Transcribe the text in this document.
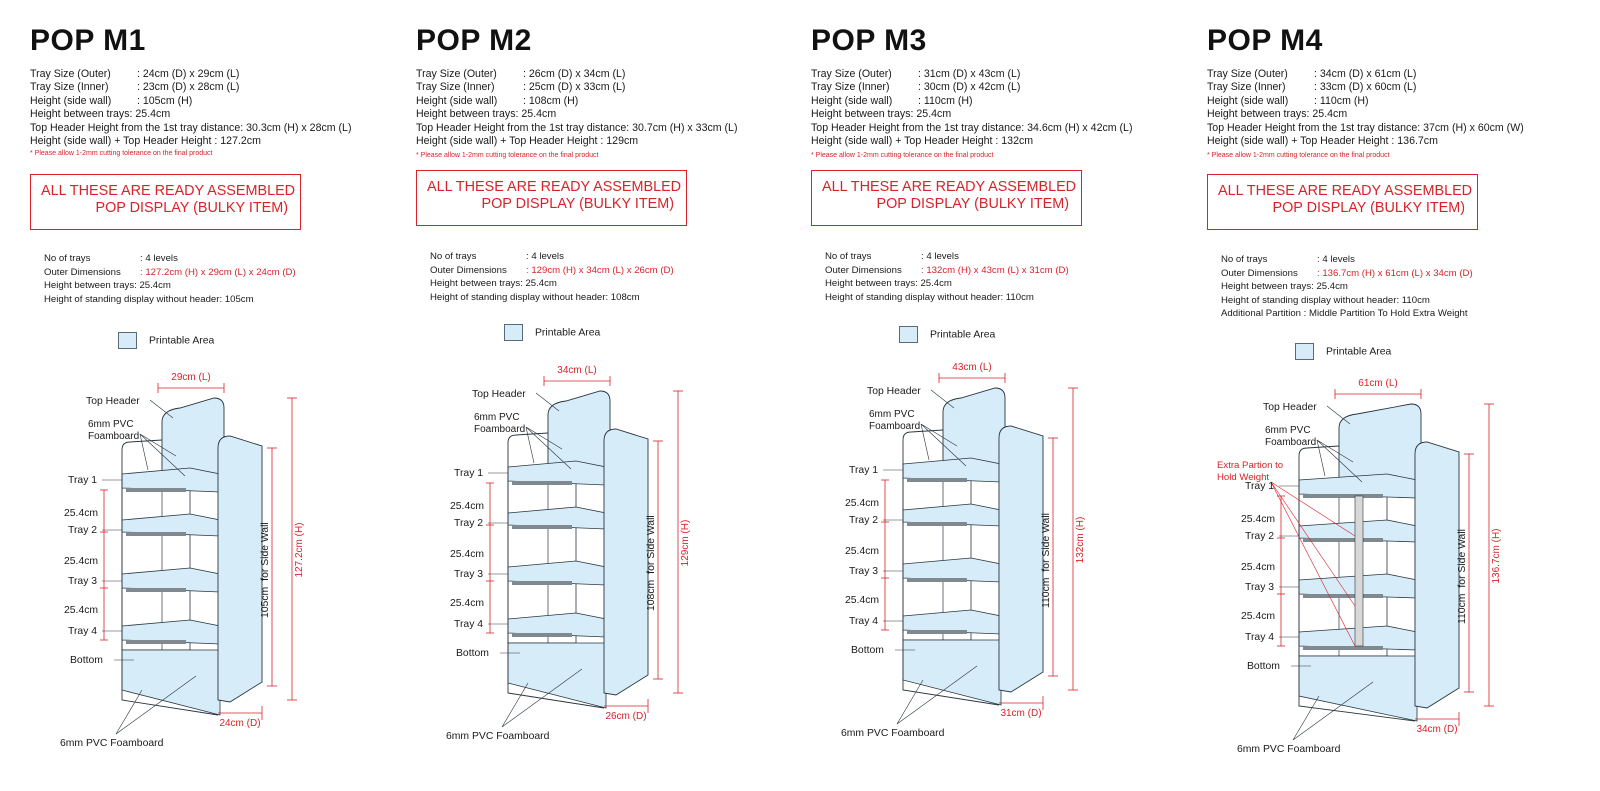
POP M1
Tray Size (Outer) : 24cm (D) x 29cm (L)
Tray Size (Inner)	: 23cm (D) x 28cm (L)
Height (side wall) : 105cm (H)
Height between trays: 25.4cm
Top Header Height from the 1st tray distance: 30.3cm (H) x 28cm (L)
Height (side wall) + Top Header Height : 127.2cm
* Please allow 1-2mm cutting tolerance on the final product
ALL THESE ARE READY ASSEMBLED
POP DISPLAY (BULKY ITEM)
No of trays	: 4 levels
Outer Dimensions : 127.2cm (H) x 29cm (L) x 24cm (D)
Height between trays: 25.4cm
Height of standing display without header: 105cm
Printable Area
29cm (L)
24cm (D)
127.2cm (H)
105cmfor Side Wall
Top Header
6mm PVC
Foamboard
Tray 1
Tray 2
Tray 3
Tray 4
25.4cm
25.4cm
25.4cm
Bottom
6mm PVC Foamboard
POP M2
Tray Size (Outer) : 26cm (D) x 34cm (L)
Tray Size (Inner)	: 25cm (D) x 33cm (L)
Height (side wall) : 108cm (H)
Height between trays: 25.4cm
Top Header Height from the 1st tray distance: 30.7cm (H) x 33cm (L)
Height (side wall) + Top Header Height : 129cm
* Please allow 1-2mm cutting tolerance on the final product
ALL THESE ARE READY ASSEMBLED
POP DISPLAY (BULKY ITEM)
No of trays	: 4 levels
Outer Dimensions : 129cm (H) x 34cm (L) x 26cm (D)
Height between trays: 25.4cm
Height of standing display without header: 108cm
Printable Area
34cm (L)
26cm (D)
129cm (H)
108cmfor Side Wall
Top Header
6mm PVC
Foamboard
Tray 1
Tray 2
Tray 3
Tray 4
25.4cm
25.4cm
25.4cm
Bottom
6mm PVC Foamboard
POP M3
Tray Size (Outer) : 31cm (D) x 43cm (L)
Tray Size (Inner)	: 30cm (D) x 42cm (L)
Height (side wall) : 110cm (H)
Height between trays: 25.4cm
Top Header Height from the 1st tray distance: 34.6cm (H) x 42cm (L)
Height (side wall) + Top Header Height : 132cm
* Please allow 1-2mm cutting tolerance on the final product
ALL THESE ARE READY ASSEMBLED
POP DISPLAY (BULKY ITEM)
No of trays	: 4 levels
Outer Dimensions : 132cm (H) x 43cm (L) x 31cm (D)
Height between trays: 25.4cm
Height of standing display without header: 110cm
Printable Area
43cm (L)
31cm (D)
132cm (H)
110cmfor Side Wall
Top Header
6mm PVC
Foamboard
Tray 1
Tray 2
Tray 3
Tray 4
25.4cm
25.4cm
25.4cm
Bottom
6mm PVC Foamboard
POP M4
Tray Size (Outer) : 34cm (D) x 61cm (L)
Tray Size (Inner)	: 33cm (D) x 60cm (L)
Height (side wall) : 110cm (H)
Height between trays: 25.4cm
Top Header Height from the 1st tray distance: 37cm (H) x 60cm (W)
Height (side wall) + Top Header Height : 136.7cm
* Please allow 1-2mm cutting tolerance on the final product
ALL THESE ARE READY ASSEMBLED
POP DISPLAY (BULKY ITEM)
No of trays	: 4 levels
Outer Dimensions : 136.7cm (H) x 61cm (L) x 34cm (D)
Height between trays: 25.4cm
Height of standing display without header: 110cm
Additional Partition : Middle Partition To Hold Extra Weight
Printable Area
61cm (L)
34cm (D)
136.7cm (H)
110cmfor Side Wall
Top Header
6mm PVC
Foamboard
Extra Partion to
Hold Weight
Tray 1
Tray 2
Tray 3
Tray 4
25.4cm
25.4cm
25.4cm
Bottom
6mm PVC Foamboard
